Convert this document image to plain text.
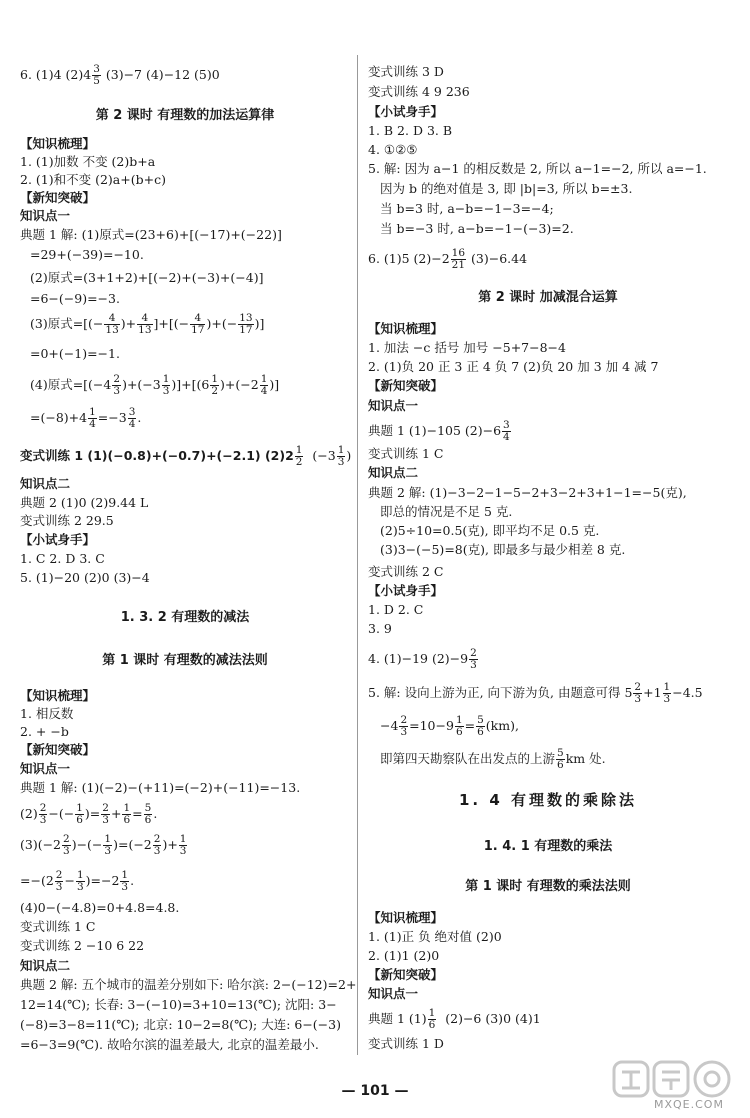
6. (1)4 $(2)4 \frac{3}{5} (3)-7$ (4)−12 (5)0
第 2 课时 有理数的加法运算律
【知识梳理】
1. (1)加数 不变 (2)b+a
2. (1)和不变 (2)a+(b+c)
【新知突破】
知识点一
典题 1 解: (1)原式=(23+6)+[(−17)+(−22)]
=29+(−39)=−10.
(2)原式=(3+1+2)+[(−2)+(−3)+(−4)]
=6−(−9)=−3.
(3)原式=[(− $\frac{4}{13}$ )+ $\frac{4}{13}$ ]+[(− $\frac{4}{17}$ )+(− $\frac{13}{17}$ )]
=0+(−1)=−1.
(4)原式$=[(-4 \frac{2}{3} )+(-3 \frac{1}{3} )]+[(6 \frac{1}{2} )+(-2 \frac{1}{4}$ )]
$=(-8)+4 \frac{1}{4} =-3 \frac{3}{4}$ .
变式训练 1 (1)(−0.8)+(−0.7)+(−2.1) $(2)2 \frac{1}{2} (-3 \frac{1}{3}$ )
知识点二
典题 2 (1)0 (2)9.44 L
变式训练 2 29.5
【小试身手】
1. C 2. D 3. C
5. (1)−20 (2)0 (3)−4
1. 3. 2 有理数的减法
第 1 课时 有理数的减法法则
【知识梳理】
1. 相反数
2. + −b
【新知突破】
知识点一
典题 1 解: (1)(−2)−(+11)=(−2)+(−11)=−13.
$(2) \frac{2}{3}$ −(− $\frac{1}{6}$ )= $\frac{2}{3} + \frac{1}{6} = \frac{5}{6}$ .
$(3)(-2 \frac{2}{3}$ )−(− $\frac{1}{3} )=(-2 \frac{2}{3}$ )+ $\frac{1}{3}$
$=-(2 \frac{2}{3} - \frac{1}{3} )=-2 \frac{1}{3}$ .
(4)0−(−4.8)=0+4.8=4.8.
变式训练 1 C
变式训练 2 −10 6 22
知识点二
典题 2 解: 五个城市的温差分别如下: 哈尔滨: 2−(−12)=2+
12=14(℃); 长春: 3−(−10)=3+10=13(℃); 沈阳: 3−
(−8)=3−8=11(℃); 北京: 10−2=8(℃); 大连: 6−(−3)
=6−3=9(℃). 故哈尔滨的温差最大, 北京的温差最小.
变式训练 3 D
变式训练 4 9 236
【小试身手】
1. B 2. D 3. B
4. ①②⑤
5. 解: 因为 a−1 的相反数是 2, 所以 a−1=−2, 所以 a=−1.
因为 b 的绝对值是 3, 即 |b|=3, 所以 b=±3.
当 b=3 时, a−b=−1−3=−4;
当 b=−3 时, a−b=−1−(−3)=2.
6. (1)5 $(2)-2 \frac{16}{21} (3)-6.44$
第 2 课时 加减混合运算
【知识梳理】
1. 加法 −c 括号 加号 −5+7−8−4
2. (1)负 20 正 3 正 4 负 7 (2)负 20 加 3 加 4 减 7
【新知突破】
知识点一
典题 1 (1)−105 $(2)-6 \frac{3}{4}$
变式训练 1 C
知识点二
典题 2 解: (1)−3−2−1−5−2+3−2+3+1−1=−5(克),
即总的情况是不足 5 克.
(2)5÷10=0.5(克), 即平均不足 0.5 克.
(3)3−(−5)=8(克), 即最多与最少相差 8 克.
变式训练 2 C
【小试身手】
1. D 2. C
3. 9
4. (1)−19 $(2)-9 \frac{2}{3}$
5. 解: 设向上游为正, 向下游为负, 由题意可得 $5 \frac{2}{3} +1 \frac{1}{3} -4.5$
$-4 \frac{2}{3} =10-9 \frac{1}{6} = \frac{5}{6} (km)$,
即第四天勘察队在出发点的上游 $\frac{5}{6}$ km 处.
1. 4 有理数的乘除法
1. 4. 1 有理数的乘法
第 1 课时 有理数的乘法法则
【知识梳理】
1. (1)正 负 绝对值 (2)0
2. (1)1 (2)0
【新知突破】
知识点一
典题 1 $(1) \frac{1}{6} (2)-6$ (3)0 (4)1
变式训练 1 D
— 101 —
MXQE.COM
